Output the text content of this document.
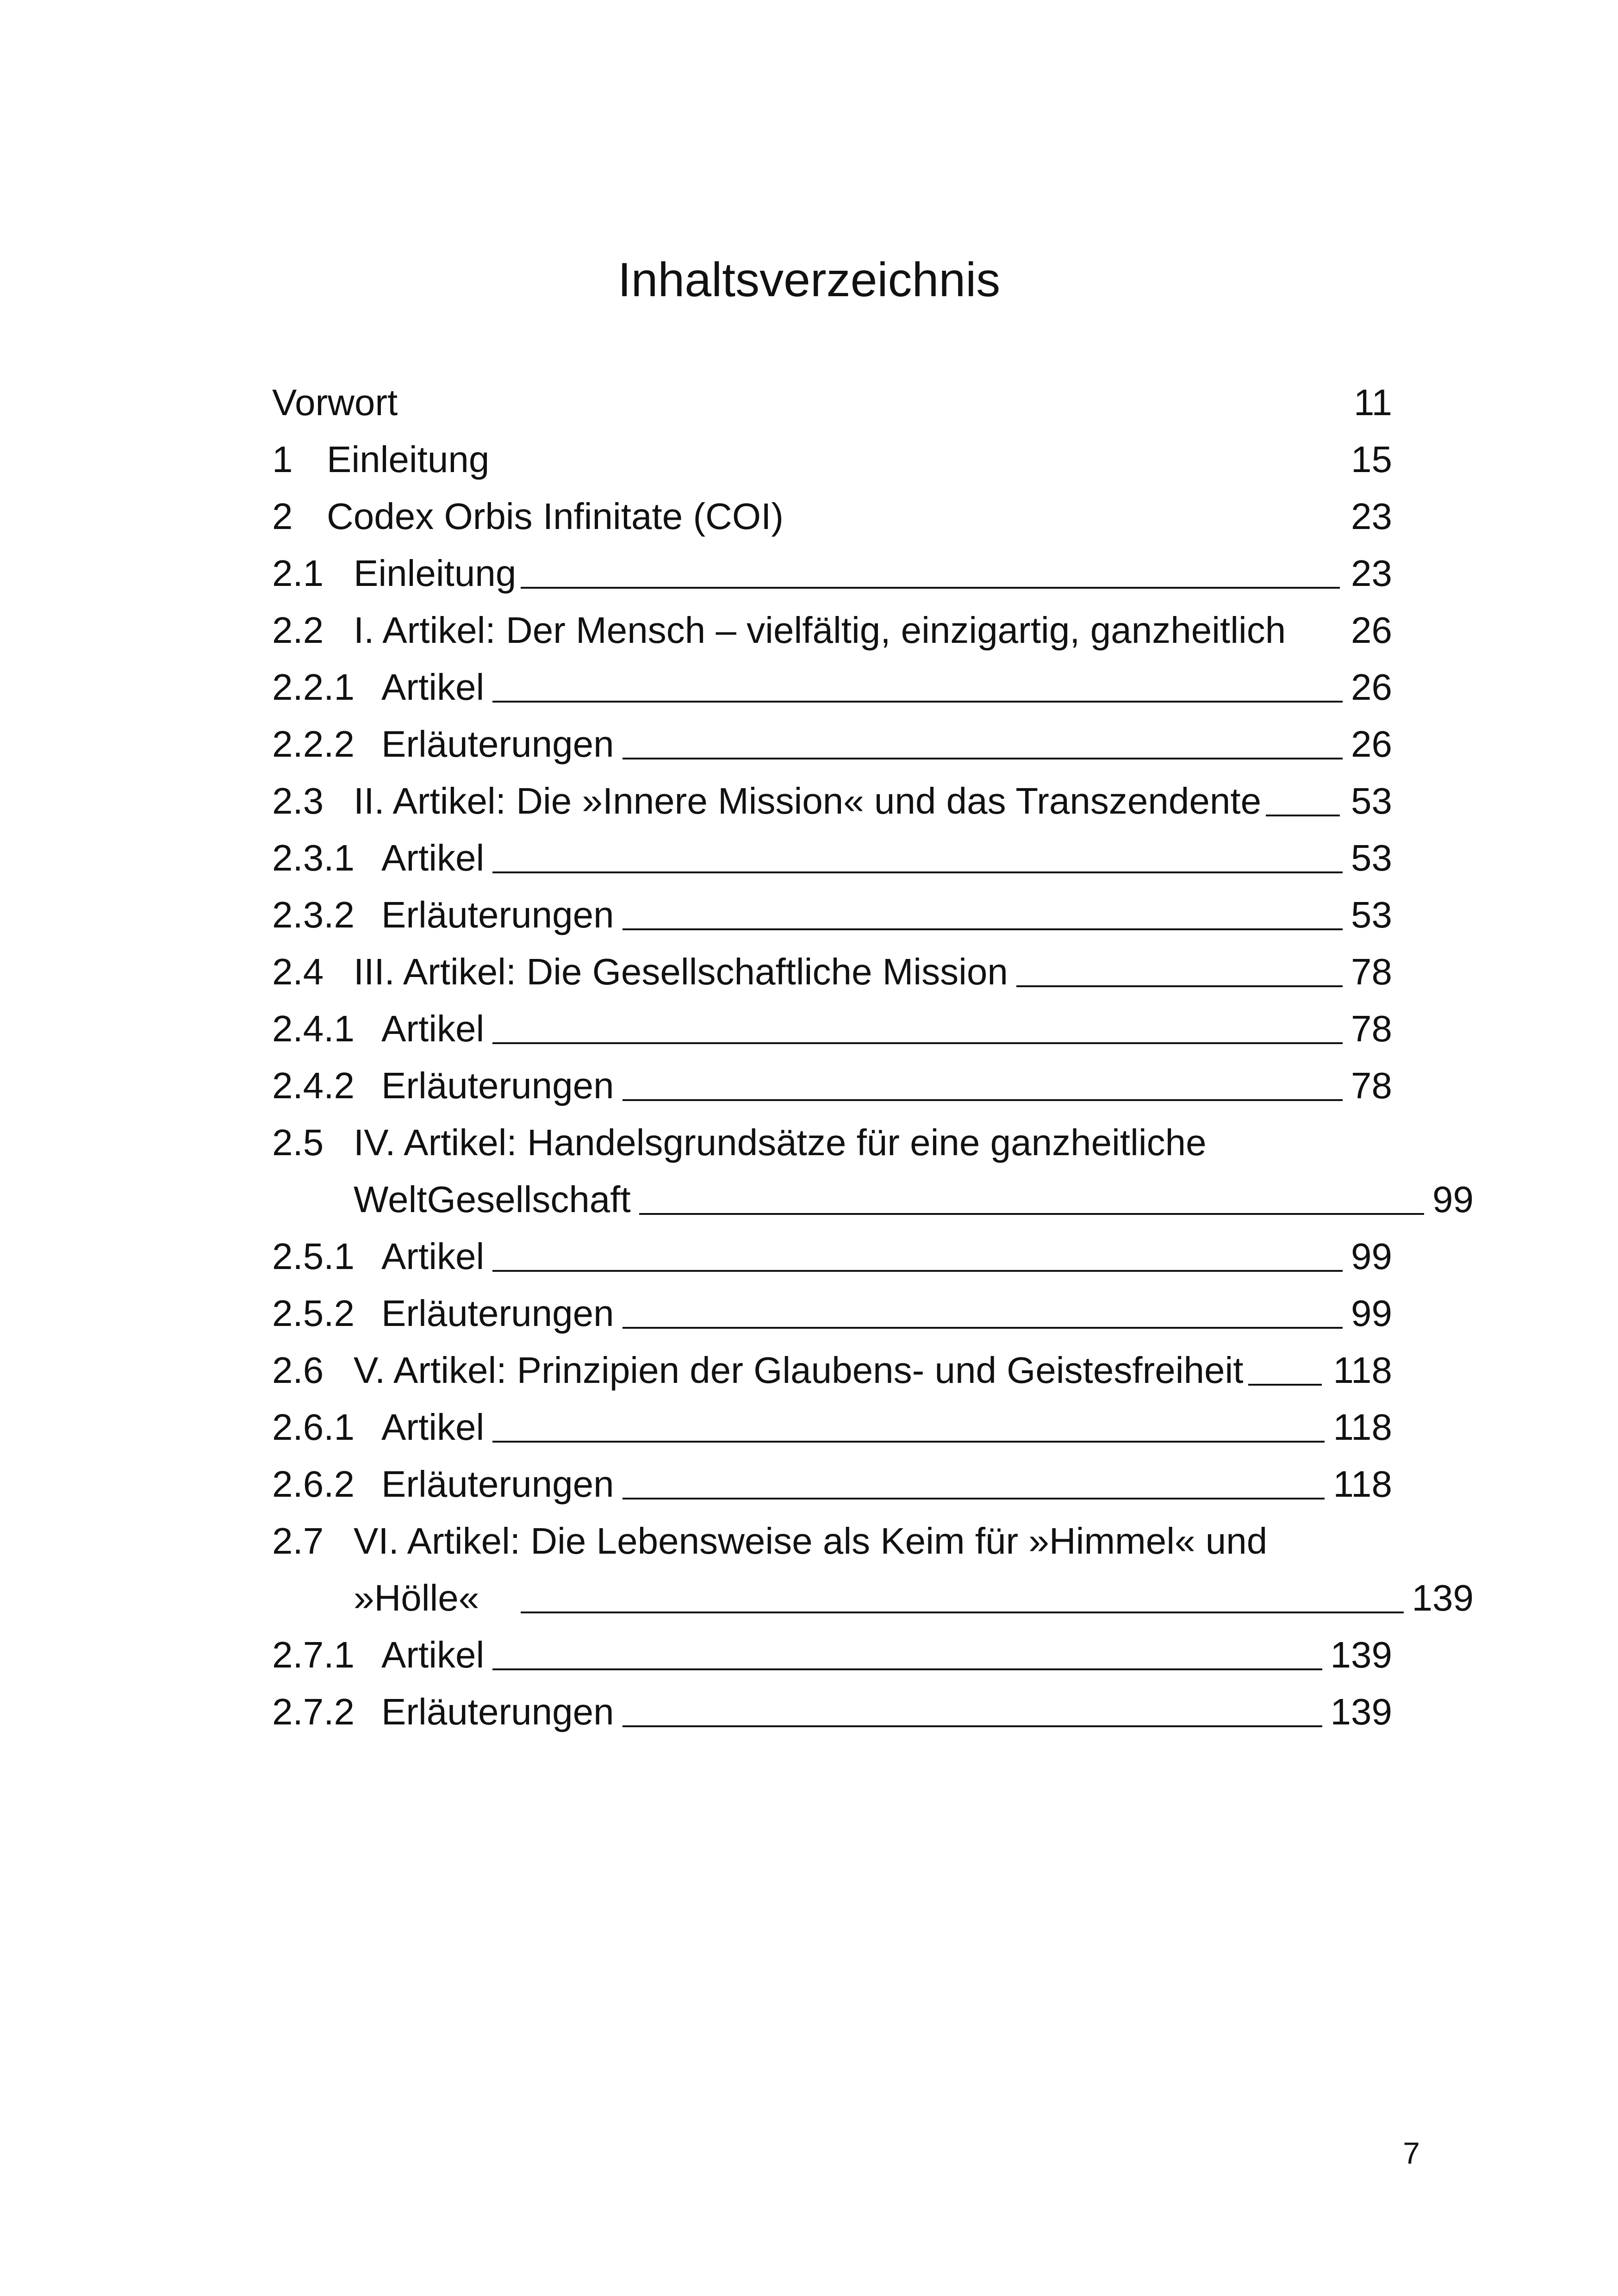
Inhaltsverzeichnis
Vorwort	11
1 Einleitung	15
2 Codex Orbis Infinitate (COI)	23
2.1 Einleitung	23
2.2 I. Artikel: Der Mensch – vielfältig, einzigartig, ganzheitlich 26
2.2.1 Artikel	26
2.2.2 Erläuterungen	26
2.3 II. Artikel: Die »Innere Mission« und das Transzendente 53
2.3.1 Artikel	53
2.3.2 Erläuterungen	53
2.4 III. Artikel: Die Gesellschaftliche Mission	78
2.4.1 Artikel	78
2.4.2 Erläuterungen	78
2.5 IV. Artikel: Handelsgrundsätze für eine ganzheitliche
WeltGesellschaft	99
2.5.1 Artikel	99
2.5.2 Erläuterungen	99
2.6 V. Artikel: Prinzipien der Glaubens- und Geistesfreiheit 118
2.6.1 Artikel	118
2.6.2 Erläuterungen	118
2.7 VI. Artikel: Die Lebensweise als Keim für »Himmel« und
»Hölle«	139
2.7.1 Artikel	139
2.7.2 Erläuterungen	139
7
